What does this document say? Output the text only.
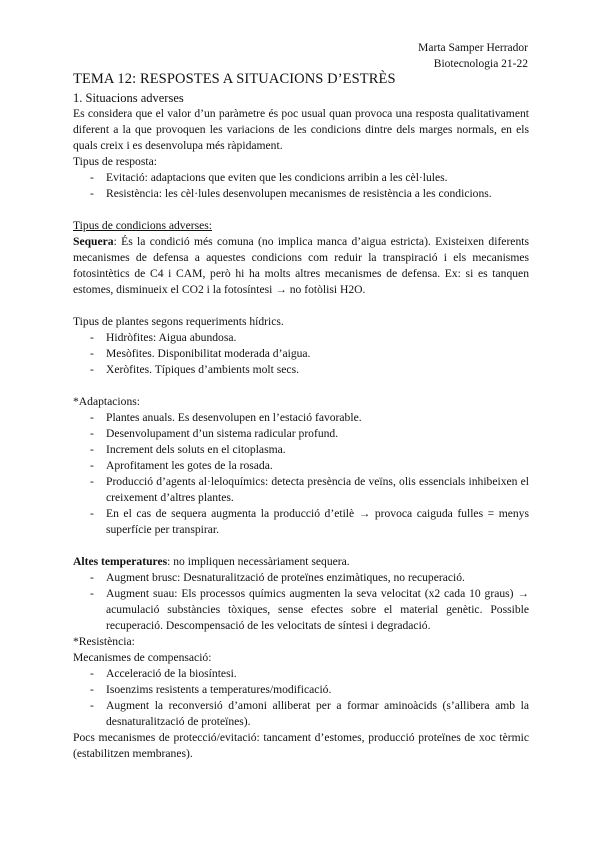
Marta Samper Herrador
Biotecnologia 21-22
TEMA 12: RESPOSTES A SITUACIONS D’ESTRÈS

1. Situacions adverses

Es considera que el valor d’un paràmetre és poc usual quan provoca una resposta qualitativament diferent a la que provoquen les variacions de les condicions dintre dels marges normals, en els quals creix i es desenvolupa més ràpidament.

Tipus de resposta:

- Evitació: adaptacions que eviten que les condicions arribin a les cèl·lules.
- Resistència: les cèl·lules desenvolupen mecanismes de resistència a les condicions.

Tipus de condicions adverses:

Sequera: És la condició més comuna (no implica manca d’aigua estricta). Existeixen diferents mecanismes de defensa a aquestes condicions com reduir la transpiració i els mecanismes fotosintètics de C4 i CAM, però hi ha molts altres mecanismes de defensa. Ex: si es tanquen estomes, disminueix el CO2 i la fotosíntesi → no fotòlisi H2O.

Tipus de plantes segons requeriments hídrics.

- Hidròfites: Aigua abundosa.
- Mesòfites. Disponibilitat moderada d’aigua.
- Xeròfites. Típiques d’ambients molt secs.

*Adaptacions:

- Plantes anuals. Es desenvolupen en l’estació favorable.
- Desenvolupament d’un sistema radicular profund.
- Increment dels soluts en el citoplasma.
- Aprofitament les gotes de la rosada.
- Producció d’agents al·leloquímics: detecta presència de veïns, olis essencials inhibeixen el creixement d’altres plantes.
- En el cas de sequera augmenta la producció d’etilè → provoca caiguda fulles = menys superfície per transpirar.

Altes temperatures: no impliquen necessàriament sequera.

- Augment brusc: Desnaturalització de proteïnes enzimàtiques, no recuperació.
- Augment suau: Els processos químics augmenten la seva velocitat (x2 cada 10 graus) → acumulació substàncies tòxiques, sense efectes sobre el material genètic. Possible recuperació. Descompensació de les velocitats de síntesi i degradació.

*Resistència:

Mecanismes de compensació:

- Acceleració de la biosíntesi.
- Isoenzims resistents a temperatures/modificació.
- Augment la reconversió d’amoni alliberat per a formar aminoàcids (s’allibera amb la desnaturalització de proteïnes).

Pocs mecanismes de protecció/evitació: tancament d’estomes, producció proteïnes de xoc tèrmic (estabilitzen membranes).
